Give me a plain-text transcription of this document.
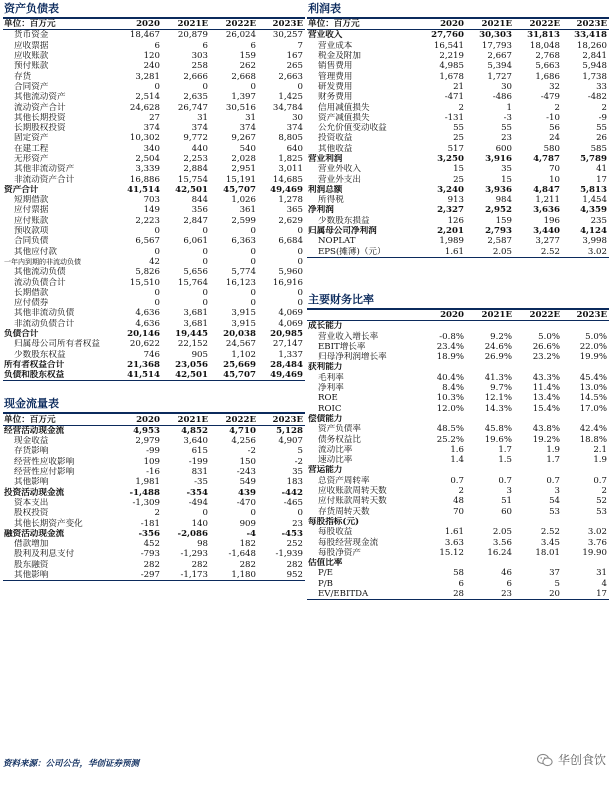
资产负债表
单位：百万元	2020	2021E	2022E	2023E
货币资金	18,467	20,879	26,024	30,257
应收票据	6	6	6	7
应收账款	120	303	159	167
预付账款	240	258	262	265
存货	3,281	2,666	2,668	2,663
合同资产	0	0	0	0
其他流动资产	2,514	2,635	1,397	1,425
流动资产合计	24,628	26,747	30,516	34,784
其他长期投资	27	31	31	30
长期股权投资	374	374	374	374
固定资产	10,302	9,772	9,267	8,805
在建工程	340	440	540	640
无形资产	2,504	2,253	2,028	1,825
其他非流动资产	3,339	2,884	2,951	3,011
非流动资产合计	16,886	15,754	15,191	14,685
资产合计	41,514	42,501	45,707	49,469
短期借款	703	844	1,026	1,278
应付票据	149	356	361	365
应付账款	2,223	2,847	2,599	2,629
预收款项	0	0	0	0
合同负债	6,567	6,061	6,363	6,684
其他应付款	0	0	0	0
一年内到期的非流动负债	42	0	0	0
其他流动负债	5,826	5,656	5,774	5,960
流动负债合计	15,510	15,764	16,123	16,916
长期借款	0	0	0	0
应付债券	0	0	0	0
其他非流动负债	4,636	3,681	3,915	4,069
非流动负债合计	4,636	3,681	3,915	4,069
负债合计	20,146	19,445	20,038	20,985
归属母公司所有者权益	20,622	22,152	24,567	27,147
少数股东权益	746	905	1,102	1,337
所有者权益合计	21,368	23,056	25,669	28,484
负债和股东权益	41,514	42,501	45,707	49,469
现金流量表
单位：百万元	2020	2021E	2022E	2023E
经营活动现金流	4,953	4,852	4,710	5,128
现金收益	2,979	3,640	4,256	4,907
存货影响	-99	615	-2	5
经营性应收影响	109	-199	150	-2
经营性应付影响	-16	831	-243	35
其他影响	1,981	-35	549	183
投资活动现金流	-1,488	-354	439	-442
资本支出	-1,309	-494	-470	-465
股权投资	2	0	0	0
其他长期资产变化	-181	140	909	23
融资活动现金流	-356	-2,086	-4	-453
借款增加	452	98	182	252
股利及利息支付	-793	-1,293	-1,648	-1,939
股东融资	282	282	282	282
其他影响	-297	-1,173	1,180	952
利润表
单位：百万元	2020	2021E	2022E	2023E
营业收入	27,760	30,303	31,813	33,418
营业成本	16,541	17,793	18,048	18,260
税金及附加	2,219	2,667	2,768	2,841
销售费用	4,985	5,394	5,663	5,948
管理费用	1,678	1,727	1,686	1,738
研发费用	21	30	32	33
财务费用	-471	-486	-479	-482
信用减值损失	2	1	2	2
资产减值损失	-131	-3	-10	-9
公允价值变动收益	55	55	56	55
投资收益	25	23	24	26
其他收益	517	600	580	585
营业利润	3,250	3,916	4,787	5,789
营业外收入	15	35	70	41
营业外支出	25	15	10	17
利润总额	3,240	3,936	4,847	5,813
所得税	913	984	1,211	1,454
净利润	2,327	2,952	3,636	4,359
少数股东损益	126	159	196	235
归属母公司净利润	2,201	2,793	3,440	4,124
NOPLAT	1,989	2,587	3,277	3,998
EPS(摊薄)（元）	1.61	2.05	2.52	3.02
主要财务比率
	2020	2021E	2022E	2023E
成长能力				
营业收入增长率	-0.8%	9.2%	5.0%	5.0%
EBIT增长率	23.4%	24.6%	26.6%	22.0%
归母净利润增长率	18.9%	26.9%	23.2%	19.9%
获利能力				
毛利率	40.4%	41.3%	43.3%	45.4%
净利率	8.4%	9.7%	11.4%	13.0%
ROE	10.3%	12.1%	13.4%	14.5%
ROIC	12.0%	14.3%	15.4%	17.0%
偿债能力				
资产负债率	48.5%	45.8%	43.8%	42.4%
债务权益比	25.2%	19.6%	19.2%	18.8%
流动比率	1.6	1.7	1.9	2.1
速动比率	1.4	1.5	1.7	1.9
营运能力				
总资产周转率	0.7	0.7	0.7	0.7
应收账款周转天数	2	3	3	2
应付账款周转天数	48	51	54	52
存货周转天数	70	60	53	53
每股指标(元)				
每股收益	1.61	2.05	2.52	3.02
每股经营现金流	3.63	3.56	3.45	3.76
每股净资产	15.12	16.24	18.01	19.90
估值比率				
P/E	58	46	37	31
P/B	6	6	5	4
EV/EBITDA	28	23	20	17
资料来源：公司公告，华创证券预测	华创食饮
